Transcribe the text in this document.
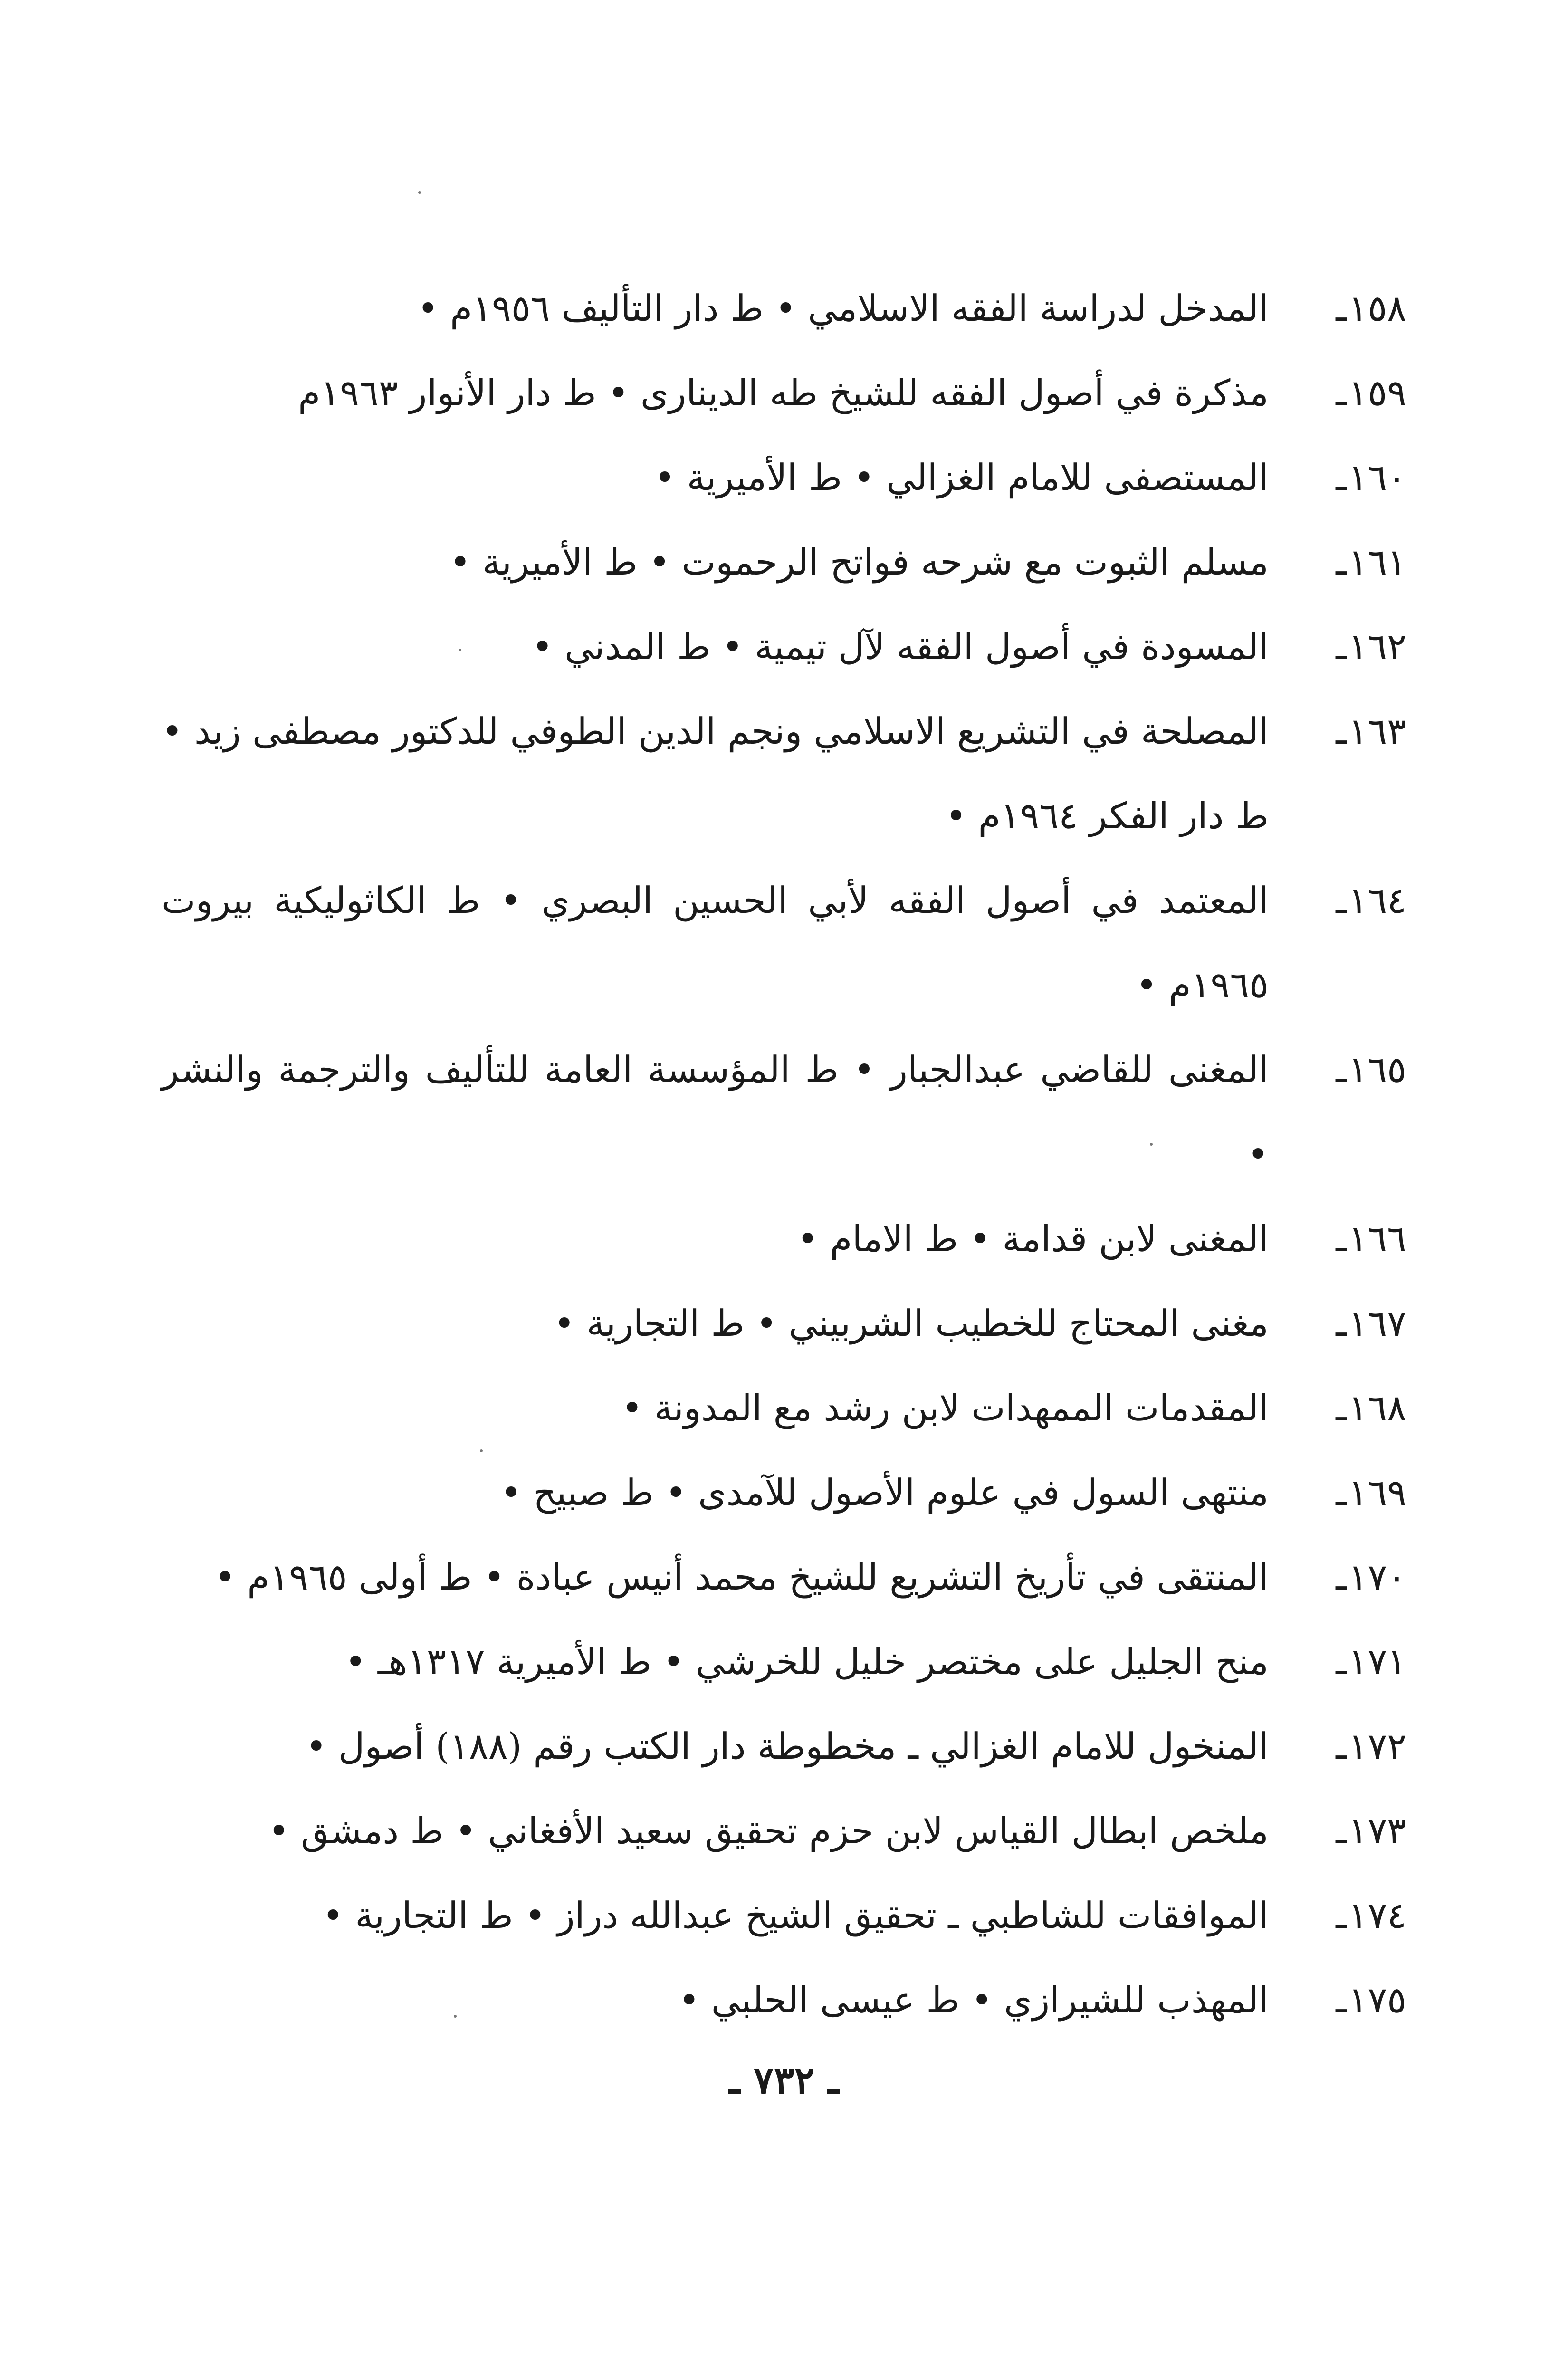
١٥٨ـ
المدخل لدراسة الفقه الاسلامي • ط دار التأليف ١٩٥٦م •
١٥٩ـ
مذكرة في أصول الفقه للشيخ طه الدينارى • ط دار الأنوار ١٩٦٣م
١٦٠ـ
المستصفى للامام الغزالي • ط الأميرية •
١٦١ـ
مسلم الثبوت مع شرحه فواتح الرحموت • ط الأميرية •
١٦٢ـ
المسودة في أصول الفقه لآل تيمية • ط المدني •
١٦٣ـ
المصلحة في التشريع الاسلامي ونجم الدين الطوفي للدكتور مصطفى زيد • ط دار الفكر ١٩٦٤م •
١٦٤ـ
المعتمد في أصول الفقه لأبي الحسين البصري • ط الكاثوليكية بيروت ١٩٦٥م •
١٦٥ـ
المغنى للقاضي عبدالجبار • ط المؤسسة العامة للتأليف والترجمة والنشر •
١٦٦ـ
المغنى لابن قدامة • ط الامام •
١٦٧ـ
مغنى المحتاج للخطيب الشربيني • ط التجارية •
١٦٨ـ
المقدمات الممهدات لابن رشد مع المدونة •
١٦٩ـ
منتهى السول في علوم الأصول للآمدى • ط صبيح •
١٧٠ـ
المنتقى في تأريخ التشريع للشيخ محمد أنيس عبادة • ط أولى ١٩٦٥م •
١٧١ـ
منح الجليل على مختصر خليل للخرشي • ط الأميرية ١٣١٧هـ •
١٧٢ـ
المنخول للامام الغزالي ـ مخطوطة دار الكتب رقم (١٨٨) أصول •
١٧٣ـ
ملخص ابطال القياس لابن حزم تحقيق سعيد الأفغاني • ط دمشق •
١٧٤ـ
الموافقات للشاطبي ـ تحقيق الشيخ عبدالله دراز • ط التجارية •
١٧٥ـ
المهذب للشيرازي • ط عيسى الحلبي •
ـ ٧٣٢ ـ
